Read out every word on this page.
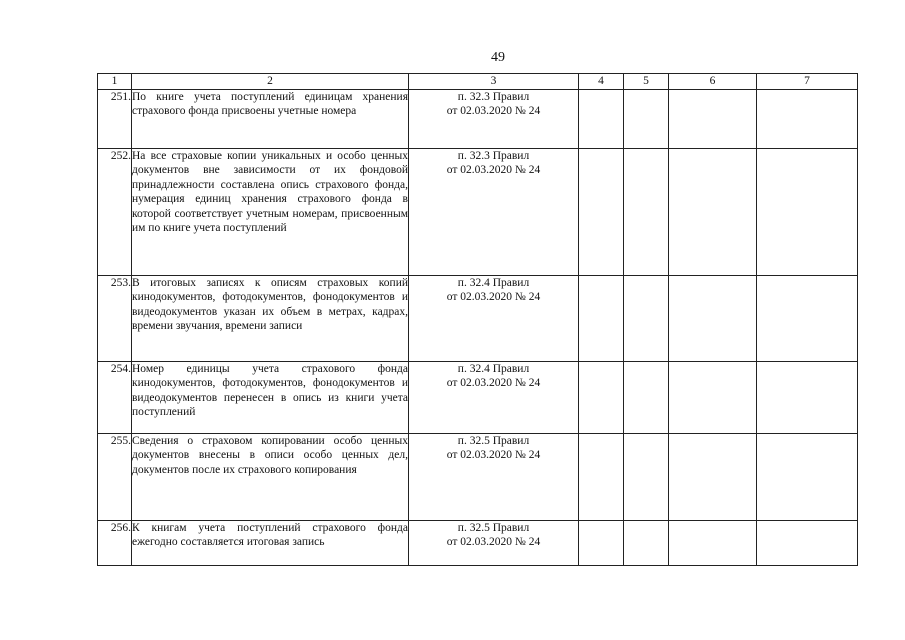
49
1	2	3	4	5	6	7
251.	По книге учета поступлений единицам хранения страхового фонда присвоены учетные номера	п. 32.3 Правил
от 02.03.2020 № 24				
252.	На все страховые копии уникальных и особо ценных документов вне зависимости от их фондовой принадлежности составлена опись страхового фонда, нумерация единиц хранения страхового фонда в которой соответствует учетным номерам, присвоенным им по книге учета поступлений	п. 32.3 Правил
от 02.03.2020 № 24				
253.	В итоговых записях к описям страховых копий кинодокументов, фотодокументов, фонодокументов и видеодокументов указан их объем в метрах, кадрах, времени звучания, времени записи	п. 32.4 Правил
от 02.03.2020 № 24				
254.	Номер единицы учета страхового фонда кинодокументов, фотодокументов, фонодокументов и видеодокументов перенесен в опись из книги учета поступлений	п. 32.4 Правил
от 02.03.2020 № 24				
255.	Сведения о страховом копировании особо ценных документов внесены в описи особо ценных дел, документов после их страхового копирования	п. 32.5 Правил
от 02.03.2020 № 24				
256.	К книгам учета поступлений страхового фонда ежегодно составляется итоговая запись	п. 32.5 Правил
от 02.03.2020 № 24				
